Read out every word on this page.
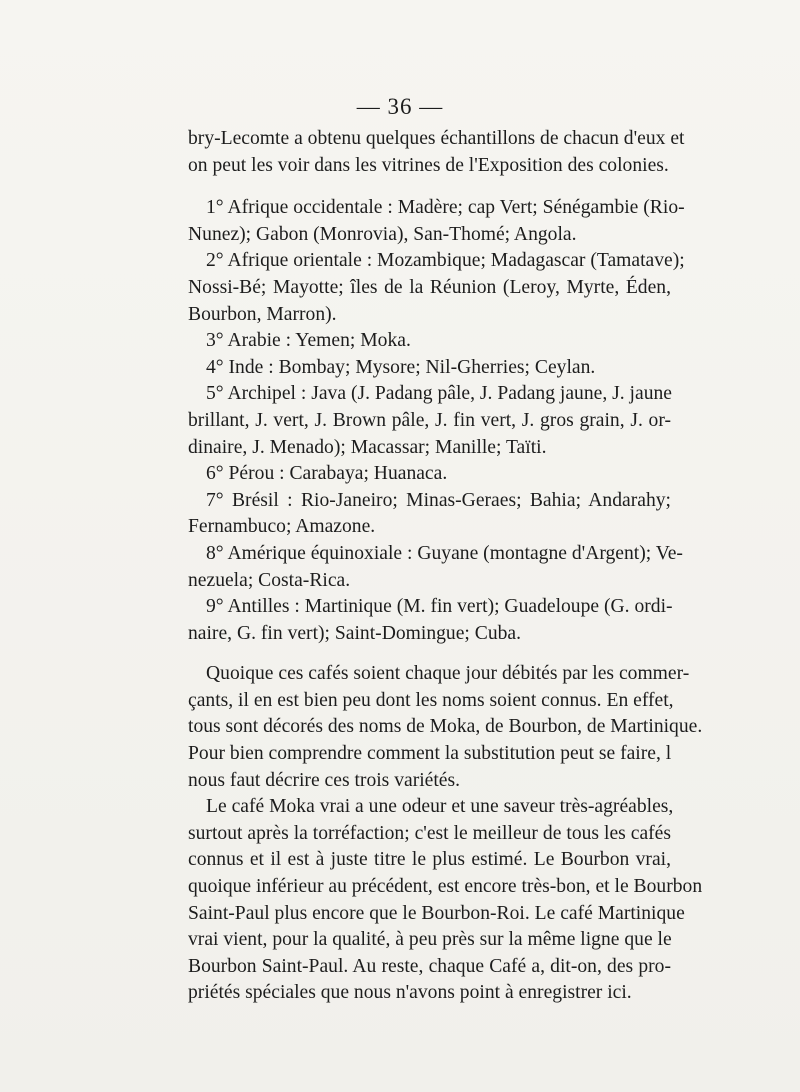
— 36 —
bry-Lecomte a obtenu quelques échantillons de chacun d'eux et
on peut les voir dans les vitrines de l'Exposition des colonies.
1° Afrique occidentale : Madère; cap Vert; Sénégambie (Rio-
Nunez); Gabon (Monrovia), San-Thomé; Angola.
2° Afrique orientale : Mozambique; Madagascar (Tamatave);
Nossi-Bé; Mayotte; îles de la Réunion (Leroy, Myrte, Éden,
Bourbon, Marron).
3° Arabie : Yemen; Moka.
4° Inde : Bombay; Mysore; Nil-Gherries; Ceylan.
5° Archipel : Java (J. Padang pâle, J. Padang jaune, J. jaune
brillant, J. vert, J. Brown pâle, J. fin vert, J. gros grain, J. or-
dinaire, J. Menado); Macassar; Manille; Taïti.
6° Pérou : Carabaya; Huanaca.
7° Brésil : Rio-Janeiro; Minas-Geraes; Bahia; Andarahy;
Fernambuco; Amazone.
8° Amérique équinoxiale : Guyane (montagne d'Argent); Ve-
nezuela; Costa-Rica.
9° Antilles : Martinique (M. fin vert); Guadeloupe (G. ordi-
naire, G. fin vert); Saint-Domingue; Cuba.
Quoique ces cafés soient chaque jour débités par les commer-
çants, il en est bien peu dont les noms soient connus. En effet,
tous sont décorés des noms de Moka, de Bourbon, de Martinique.
Pour bien comprendre comment la substitution peut se faire, l
nous faut décrire ces trois variétés.
Le café Moka vrai a une odeur et une saveur très-agréables,
surtout après la torréfaction; c'est le meilleur de tous les cafés
connus et il est à juste titre le plus estimé. Le Bourbon vrai,
quoique inférieur au précédent, est encore très-bon, et le Bourbon
Saint-Paul plus encore que le Bourbon-Roi. Le café Martinique
vrai vient, pour la qualité, à peu près sur la même ligne que le
Bourbon Saint-Paul. Au reste, chaque Café a, dit-on, des pro-
priétés spéciales que nous n'avons point à enregistrer ici.
